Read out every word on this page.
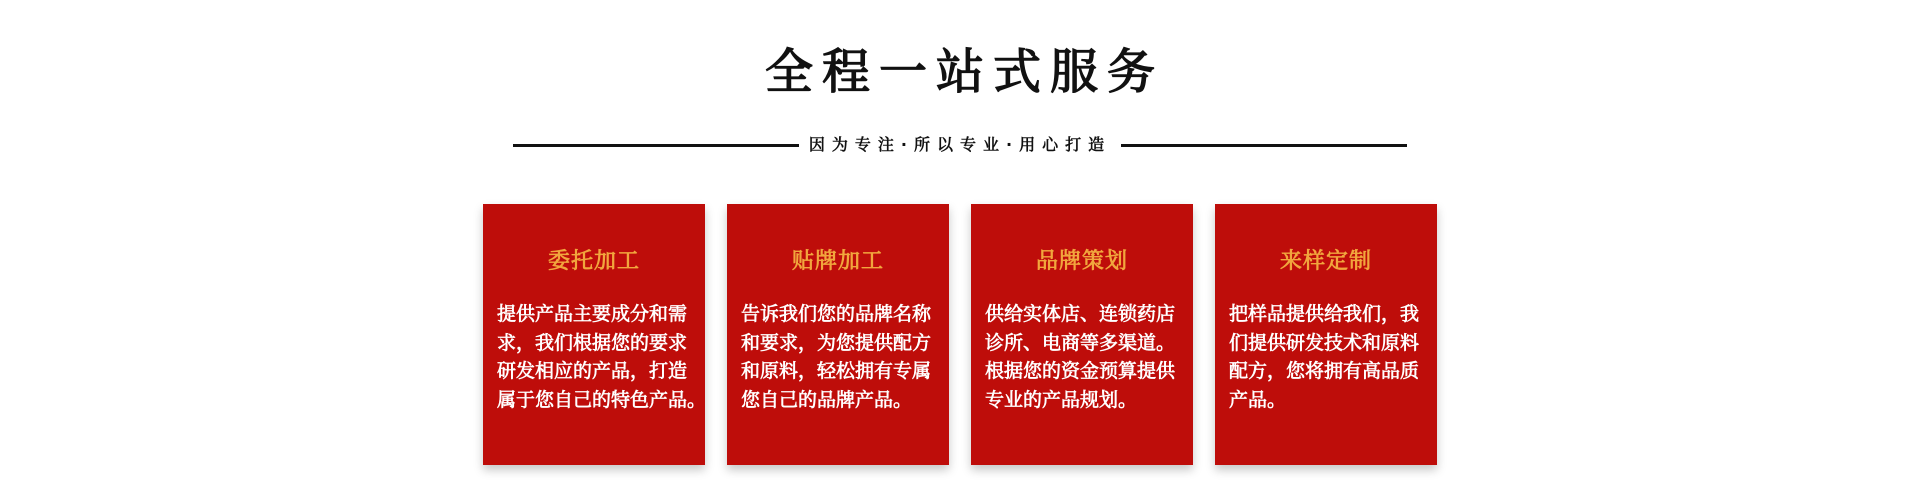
全程一站式服务
因为专注·所以专业·用心打造
委托加工
提供产品主要成分和需
求，我们根据您的要求
研发相应的产品，打造
属于您自己的特色产品。
贴牌加工
告诉我们您的品牌名称
和要求，为您提供配方
和原料，轻松拥有专属
您自己的品牌产品。
品牌策划
供给实体店、连锁药店
诊所、电商等多渠道。
根据您的资金预算提供
专业的产品规划。
来样定制
把样品提供给我们，我
们提供研发技术和原料
配方，您将拥有高品质
产品。
